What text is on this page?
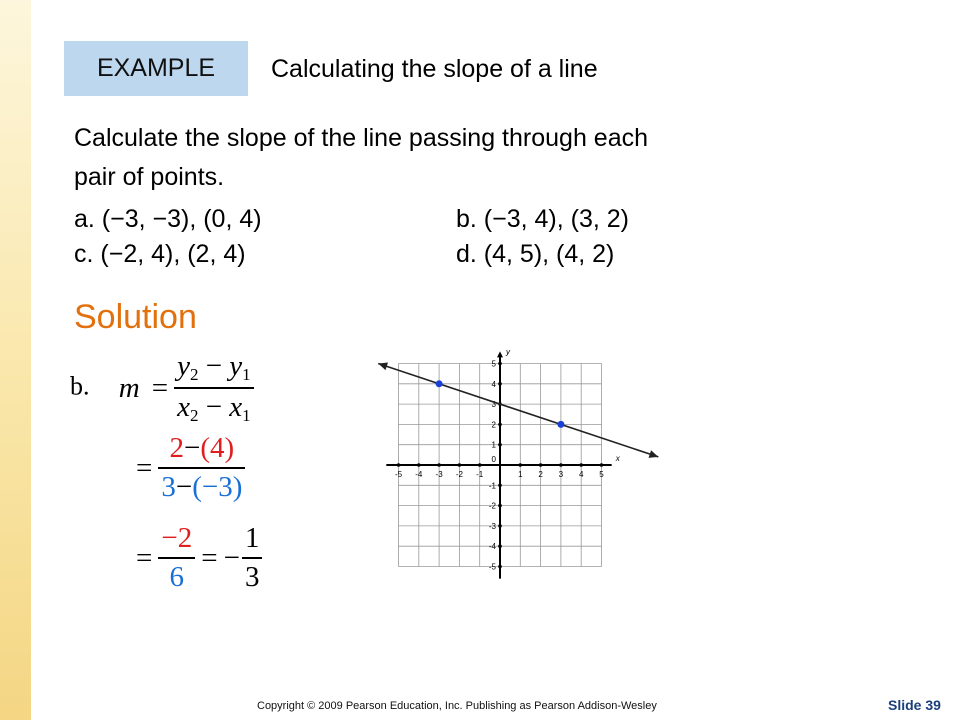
EXAMPLE	Calculating the slope of a line
Calculate the slope of the line passing through each
pair of points.
a. (−3, −3), (0, 4)	b. (−3, 4), (3, 2)
c. (−2, 4), (2, 4)	d. (4, 5), (4, 2)
Solution
b. $m = \frac{y_2 - y_1}{x_2 - x_1}$
= $\frac{2-(4)}{3-(-3)}$
= $\frac{-2}{6}$ = − $\frac{1}{3}$
x
y
-5 -4 -3 -2 -1	1 2 3 4 5
5
4
3
2
1
-1
-2
-3
-4
-5
0
Copyright © 2009 Pearson Education, Inc. Publishing as Pearson Addison-Wesley	Slide 39
